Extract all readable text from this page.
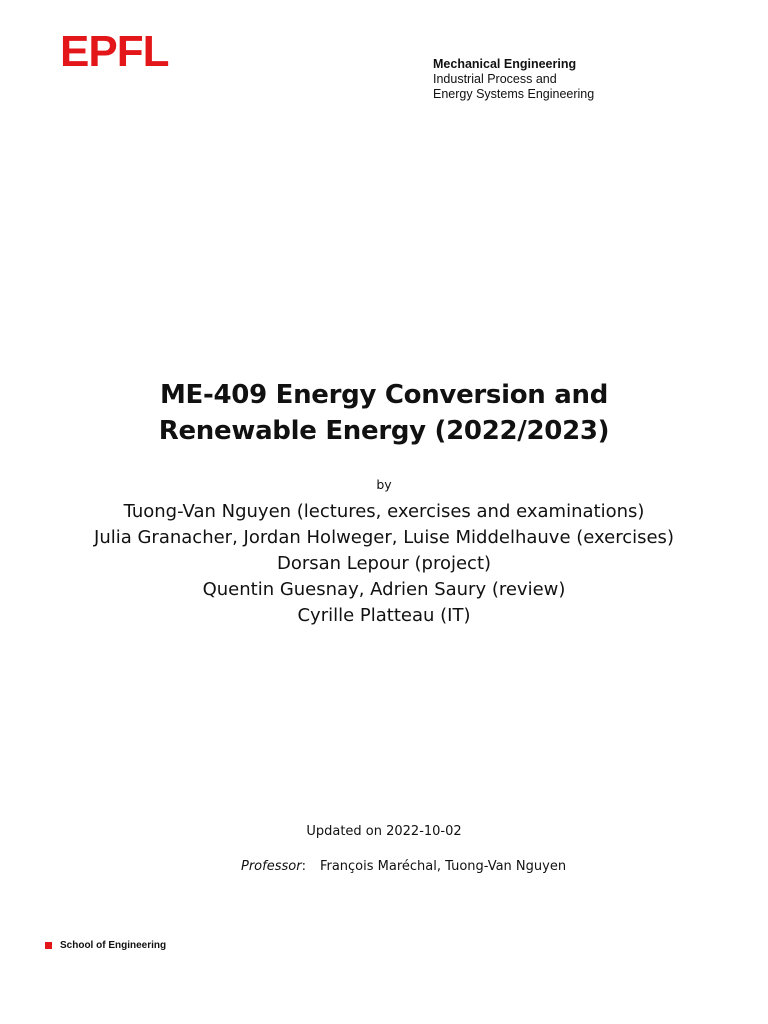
EPFL	Mechanical Engineering
Industrial Process and
Energy Systems Engineering
ME-409 Energy Conversion and
Renewable Energy (2022/2023)
by
Tuong-Van Nguyen (lectures, exercises and examinations)
Julia Granacher, Jordan Holweger, Luise Middelhauve (exercises)
Dorsan Lepour (project)
Quentin Guesnay, Adrien Saury (review)
Cyrille Platteau (IT)
Updated on 2022-10-02
Professor: François Maréchal, Tuong-Van Nguyen
School of Engineering
